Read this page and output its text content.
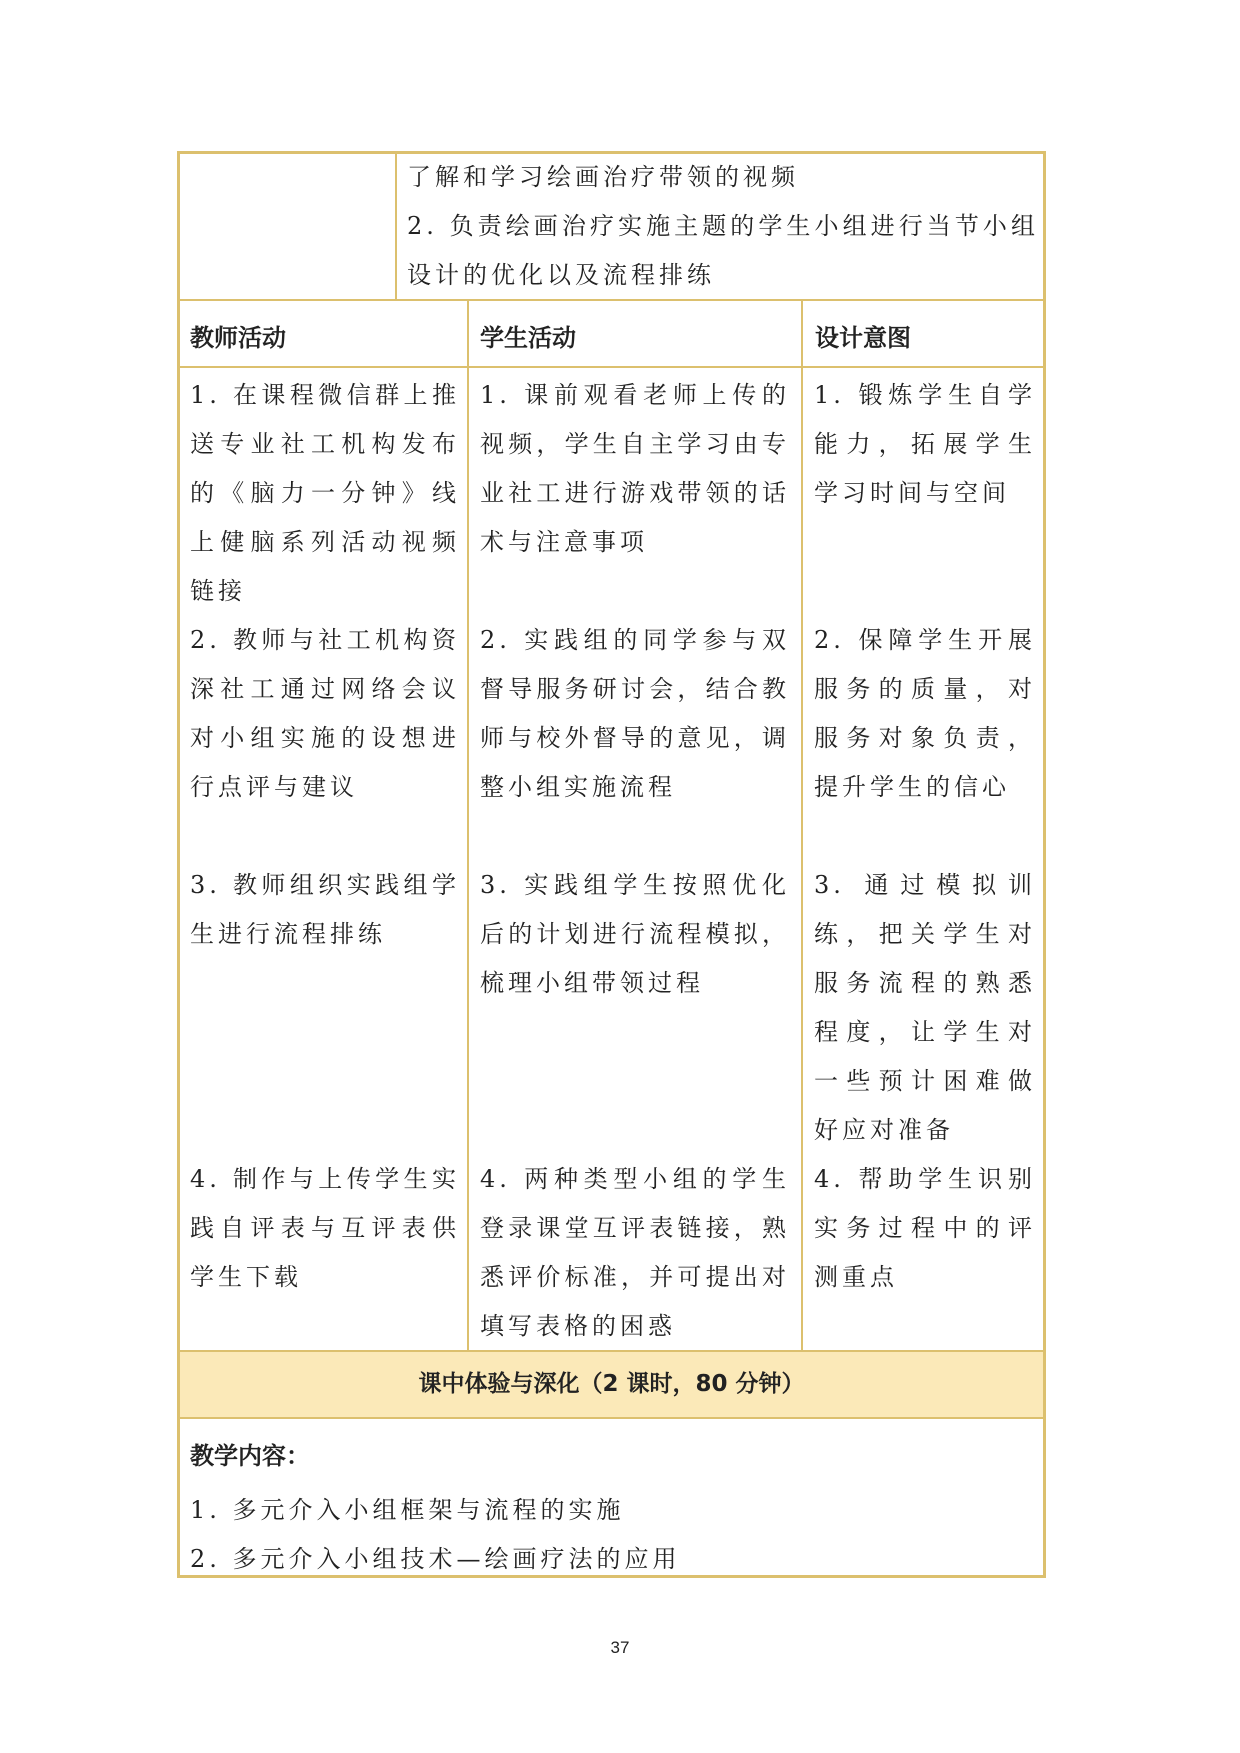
了解和学习绘画治疗带领的视频

2. 负责绘画治疗实施主题的学生小组进行当节小组设计的优化以及流程排练

教师活动	学生活动	设计意图
1. 在课程微信群上推送专业社工机构发布的《脑力一分钟》线上健脑系列活动视频链接
2. 教师与社工机构资深社工通过网络会议对小组实施的设想进行点评与建议
3. 教师组织实践组学生进行流程排练
4. 制作与上传学生实践自评表与互评表供学生下载
1. 课前观看老师上传的视频，学生自主学习由专业社工进行游戏带领的话术与注意事项
2. 实践组的同学参与双督导服务研讨会，结合教师与校外督导的意见，调整小组实施流程
3. 实践组学生按照优化后的计划进行流程模拟，梳理小组带领过程
4. 两种类型小组的学生登录课堂互评表链接，熟悉评价标准，并可提出对填写表格的困惑
1. 锻炼学生自学能力，拓展学生学习时间与空间
2. 保障学生开展服务的质量，对服务对象负责，提升学生的信心
3. 通过模拟训练，把关学生对服务流程的熟悉程度，让学生对一些预计困难做好应对准备
4. 帮助学生识别实务过程中的评测重点
课中体验与深化（2 课时，80 分钟）
教学内容：
1. 多元介入小组框架与流程的实施
2. 多元介入小组技术—绘画疗法的应用
37
